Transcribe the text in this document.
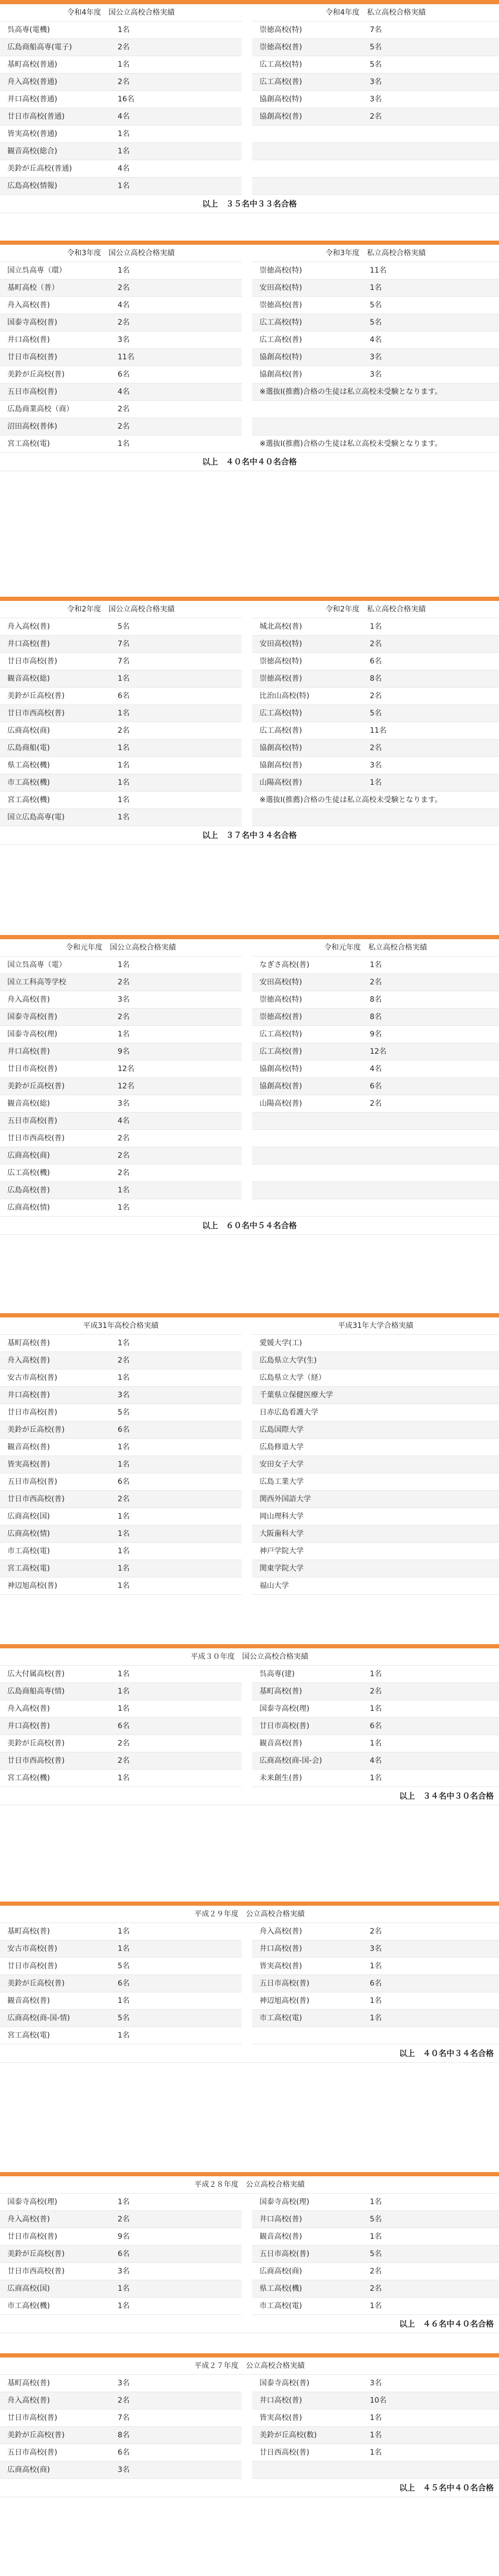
令和4年度　国公立高校合格実績			令和4年度　私立高校合格実績	
呉高専(電機)	1名		崇徳高校(特)	7名
広島商船高専(電子)	2名		崇徳高校(普)	5名
基町高校(普通)	1名		広工高校(特)	5名
舟入高校(普通)	2名		広工高校(普)	3名
井口高校(普通)	16名		協創高校(特)	3名
廿日市高校(普通)	4名		協創高校(普)	2名
皆実高校(普通)	1名			
観音高校(総合)	1名			
美鈴が丘高校(普通)	4名			
広島高校(情報)	1名			
以上　３５名中３３名合格
令和3年度　国公立高校合格実績			令和3年度　私立高校合格実績	
国立呉高専（環）	1名		崇徳高校(特)	11名
基町高校（普）	2名		安田高校(特)	1名
舟入高校(普)	4名		崇徳高校(普)	5名
国泰寺高校(普)	2名		広工高校(特)	5名
井口高校(普)	3名		広工高校(普)	4名
廿日市高校(普)	11名		協創高校(特)	3名
美鈴が丘高校(普)	6名		協創高校(普)	3名
五日市高校(普)	4名		※選抜Ⅰ(推薦)合格の生徒は私立高校未受験となります。	
広島商業高校（商）	2名			
沼田高校(普体)	2名			
宮工高校(電)	1名		※選抜Ⅰ(推薦)合格の生徒は私立高校未受験となります。	
以上　４０名中４０名合格
令和2年度　国公立高校合格実績			令和2年度　私立高校合格実績	
舟入高校(普)	5名		城北高校(普)	1名
井口高校(普)	7名		安田高校(特)	2名
廿日市高校(普)	7名		崇徳高校(特)	6名
観音高校(総)	1名		崇徳高校(普)	8名
美鈴が丘高校(普)	6名		比治山高校(特)	2名
廿日市西高校(普)	1名		広工高校(特)	5名
広商高校(商)	2名		広工高校(普)	11名
広島商船(電)	1名		協創高校(特)	2名
県工高校(機)	1名		協創高校(普)	3名
市工高校(機)	1名		山陽高校(普)	1名
宮工高校(機)	1名		※選抜Ⅰ(推薦)合格の生徒は私立高校未受験となります。	
国立広島高専(電)	1名			
以上　３７名中３４名合格
令和元年度　国公立高校合格実績			令和元年度　私立高校合格実績	
国立呉高専（電）	1名		なぎさ高校(普)	1名
国立工科高等学校	2名		安田高校(特)	2名
舟入高校(普)	3名		崇徳高校(特)	8名
国泰寺高校(普)	2名		崇徳高校(普)	8名
国泰寺高校(理)	1名		広工高校(特)	9名
井口高校(普)	9名		広工高校(普)	12名
廿日市高校(普)	12名		協創高校(特)	4名
美鈴が丘高校(普)	12名		協創高校(普)	6名
観音高校(総)	3名		山陽高校(普)	2名
五日市高校(普)	4名			
廿日市西高校(普)	2名			
広商高校(商)	2名			
広工高校(機)	2名			
広島高校(普)	1名			
広商高校(情)	1名			
以上　６０名中５４名合格
平成31年高校合格実績			平成31年大学合格実績	
基町高校(普)	1名		愛媛大学(工)	
舟入高校(普)	2名		広島県立大学(生)	
安古市高校(普)	1名		広島県立大学（経）	
井口高校(普)	3名		千葉県立保健医療大学	
廿日市高校(普)	5名		日赤広島看護大学	
美鈴が丘高校(普)	6名		広島国際大学	
観音高校(普)	1名		広島修道大学	
皆実高校(普)	1名		安田女子大学	
五日市高校(普)	6名		広島工業大学	
廿日市西高校(普)	2名		関西外国語大学	
広商高校(国)	1名		岡山理科大学	
広商高校(情)	1名		大阪歯科大学	
市工高校(電)	1名		神戸学院大学	
宮工高校(電)	1名		関東学院大学	
神辺旭高校(普)	1名		福山大学	
平成３０年度　国公立高校合格実績				
広大付属高校(普)	1名		呉高専(建)	1名
広島商船高専(情)	1名		基町高校(普)	2名
舟入高校(普)	1名		国泰寺高校(理)	1名
井口高校(普)	6名		廿日市高校(普)	6名
美鈴が丘高校(普)	2名		観音高校(普)	1名
廿日市西高校(普)	2名		広商高校(商-国-会)	4名
宮工高校(機)	1名		未来創生(普)	1名
以上　３４名中３０名合格
平成２９年度　公立高校合格実績				
基町高校(普)	1名		舟入高校(普)	2名
安古市高校(普)	1名		井口高校(普)	3名
廿日市高校(普)	5名		皆実高校(普)	1名
美鈴が丘高校(普)	6名		五日市高校(普)	6名
観音高校(普)	1名		神辺旭高校(普)	1名
広商高校(商-国-情)	5名		市工高校(電)	1名
宮工高校(電)	1名			
以上　４０名中３４名合格
平成２８年度　公立高校合格実績				
国泰寺高校(理)	1名		国泰寺高校(理)	1名
舟入高校(普)	2名		井口高校(普)	5名
廿日市高校(普)	9名		観音高校(普)	1名
美鈴が丘高校(普)	6名		五日市高校(普)	5名
廿日市西高校(普)	3名		広商高校(商)	2名
広商高校(国)	1名		県工高校(機)	2名
市工高校(機)	1名		市工高校(電)	1名
以上　４６名中４０名合格
平成２７年度　公立高校合格実績				
基町高校(普)	3名		国泰寺高校(普)	3名
舟入高校(普)	2名		井口高校(普)	10名
廿日市高校(普)	7名		皆実高校(普)	1名
美鈴が丘高校(普)	8名		美鈴が丘高校(数)	1名
五日市高校(普)	6名		廿日西高校(普)	1名
広商高校(商)	3名			
以上　４５名中４０名合格
